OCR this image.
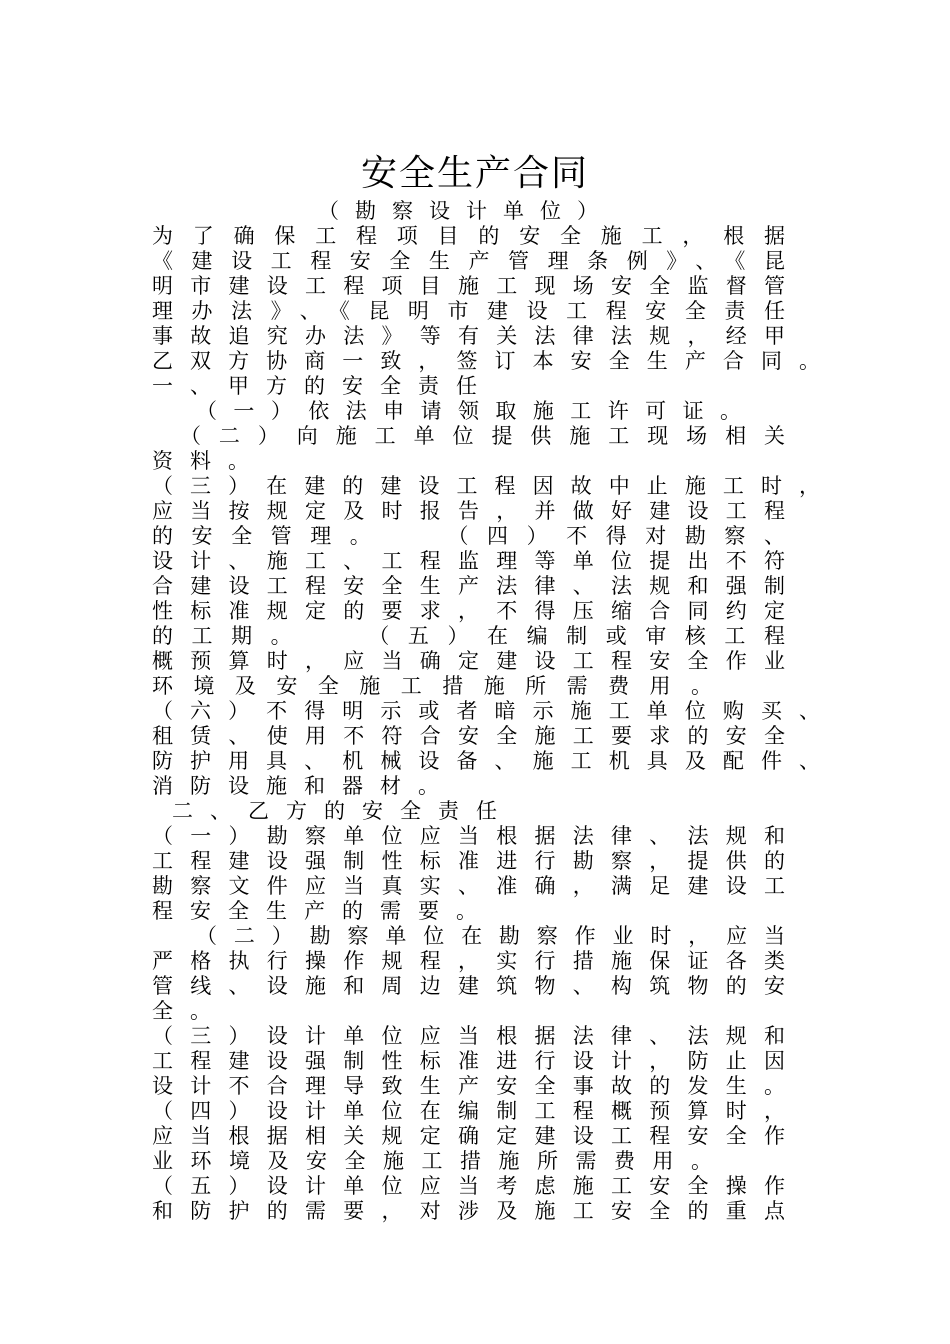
安全生产合同
（勘察设计单位）
为了确保工程项目的安全施工，根据
《建设工程安全生产管理条例》、《昆
明市建设工程项目施工现场安全监督管
理办法》、《昆明市建设工程安全责任
事故追究办法》等有关法律法规，经甲
乙双方协商一致，签订本安全生产合同。
一、甲方的安全责任
（一）依法申请领取施工许可证。
（二）向施工单位提供施工现场相关
资料。
（三）在建的建设工程因故中止施工时，
应当按规定及时报告，并做好建设工程
的安全管理。　　（四）不得对勘察、
设计、施工、工程监理等单位提出不符
合建设工程安全生产法律、法规和强制
性标准规定的要求，不得压缩合同约定
的工期。　　（五）在编制或审核工程
概预算时，应当确定建设工程安全作业
环境及安全施工措施所需费用。
（六）不得明示或者暗示施工单位购买、
租赁、使用不符合安全施工要求的安全
防护用具、机械设备、施工机具及配件、
消防设施和器材。
二、乙方的安全责任
（一）勘察单位应当根据法律、法规和
工程建设强制性标准进行勘察，提供的
勘察文件应当真实、准确，满足建设工
程安全生产的需要。
（二）勘察单位在勘察作业时，应当
严格执行操作规程，实行措施保证各类
管线、设施和周边建筑物、构筑物的安
全。
（三）设计单位应当根据法律、法规和
工程建设强制性标准进行设计，防止因
设计不合理导致生产安全事故的发生。
（四）设计单位在编制工程概预算时，
应当根据相关规定确定建设工程安全作
业环境及安全施工措施所需费用。
（五）设计单位应当考虑施工安全操作
和防护的需要，对涉及施工安全的重点
